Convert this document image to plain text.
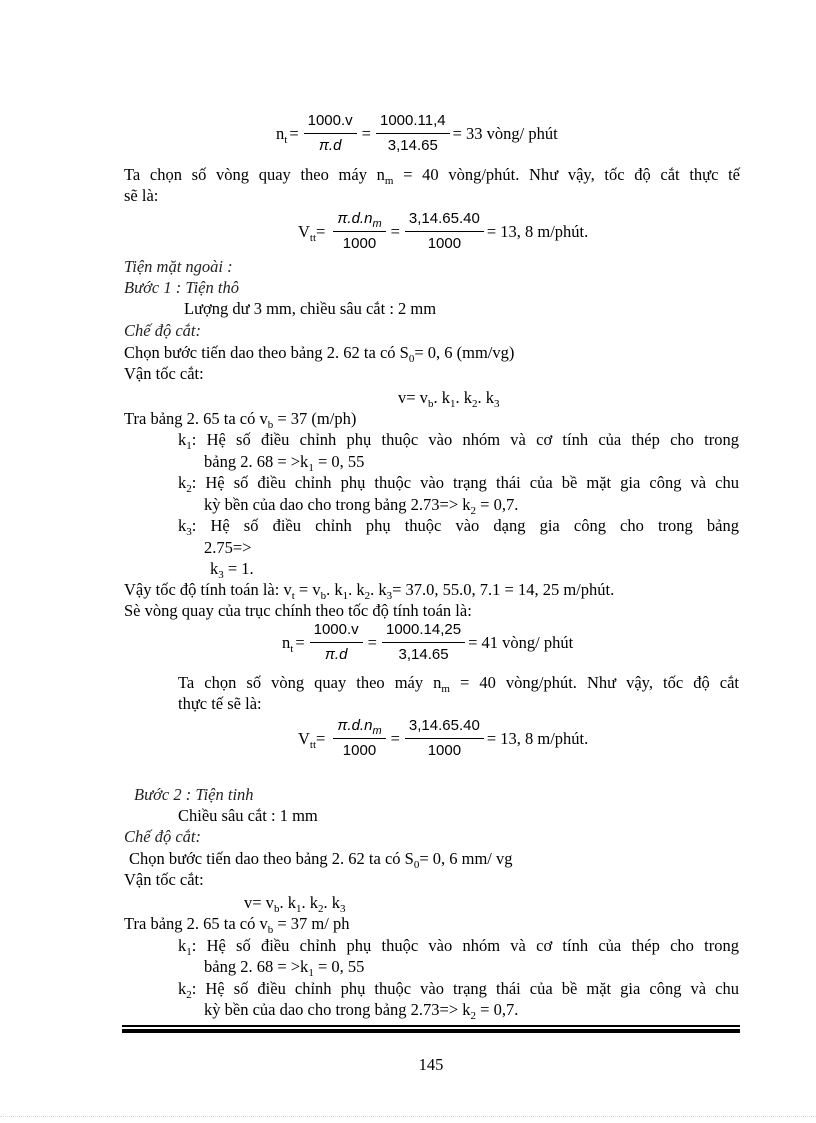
$n_t = \frac{1000.v}{\pi.d} = \frac{1000.11,4}{3,14.65} = 33$ vòng/ phút
Ta chọn số vòng quay theo máy $n_m = 40$ vòng/phút. Như vậy, tốc độ cắt thực tế
sẽ là:
$V_{tt}= \frac{\pi.d.n_m}{1000} = \frac{3,14.65.40}{1000} = 13$, 8 m/phút.
Tiện mặt ngoài :
Bước 1 : Tiện thô
Lượng dư 3 mm, chiều sâu cắt : 2 mm
Chế độ cắt:
Chọn bước tiến dao theo bảng 2. 62 ta có $S_0= 0$, 6 (mm/vg)
Vận tốc cắt:
$v= v_b$. $k_1$. $k_2$. $k_3$
Tra bảng 2. 65 ta có $v_b = 37$ (m/ph)
$k_1$: Hệ số điều chỉnh phụ thuộc vào nhóm và cơ tính của thép cho trong
bảng 2. $68 = >k_1 = 0$, 55
$k_2$: Hệ số điều chỉnh phụ thuộc vào trạng thái của bề mặt gia công và chu
kỳ bền của dao cho trong bảng $2.73=> k_2 = 0,7$.
$k_3$: Hệ số điều chỉnh phụ thuộc vào dạng gia công cho trong bảng
2.75=>
$k_3 = 1$.
Vậy tốc độ tính toán là: $v_t = v_b$. $k_1$. $k_2$. $k_3= 37.0$, 55.0, 7.1 = 14, 25 m/phút.
Sè vòng quay của trục chính theo tốc độ tính toán là:
$n_t = \frac{1000.v}{\pi.d} = \frac{1000.14,25}{3,14.65} = 41$ vòng/ phút
Ta chọn số vòng quay theo máy $n_m = 40$ vòng/phút. Như vậy, tốc độ cắt
thực tế sẽ là:
$V_{tt}= \frac{\pi.d.n_m}{1000} = \frac{3,14.65.40}{1000} = 13$, 8 m/phút.
Bước 2 : Tiện tinh
Chiều sâu cắt : 1 mm
Chế độ cắt:
Chọn bước tiến dao theo bảng 2. 62 ta có $S_0= 0$, 6 mm/ vg
Vận tốc cắt:
$v= v_b$. $k_1$. $k_2$. $k_3$
Tra bảng 2. 65 ta có $v_b = 37$ m/ ph
$k_1$: Hệ số điều chỉnh phụ thuộc vào nhóm và cơ tính của thép cho trong
bảng 2. $68 = >k_1 = 0$, 55
$k_2$: Hệ số điều chỉnh phụ thuộc vào trạng thái của bề mặt gia công và chu
kỳ bền của dao cho trong bảng $2.73=> k_2 = 0,7$.
145
